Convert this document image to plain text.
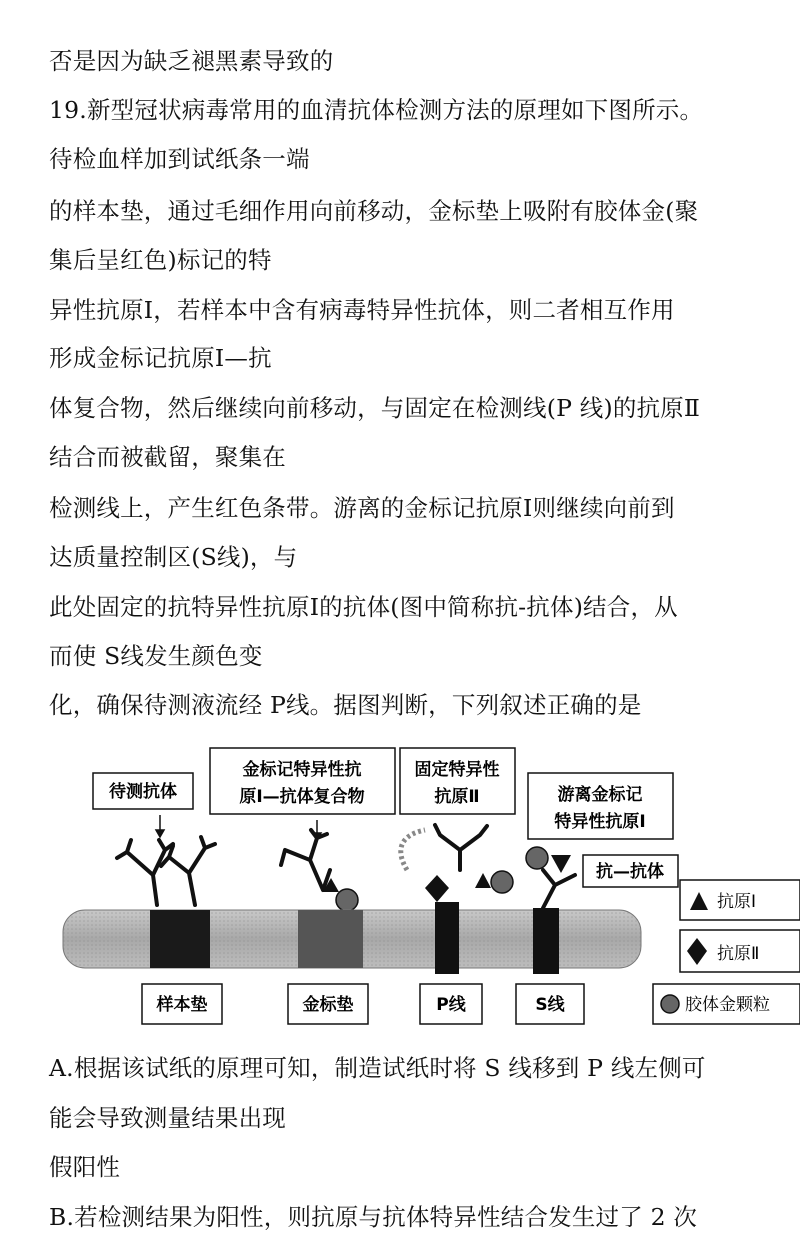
否是因为缺乏褪黑素导致的
19.新型冠状病毒常用的血清抗体检测方法的原理如下图所示。
待检血样加到试纸条一端
的样本垫，通过毛细作用向前移动，金标垫上吸附有胶体金(聚
集后呈红色)标记的特
异性抗原Ⅰ，若样本中含有病毒特异性抗体，则二者相互作用
形成金标记抗原Ⅰ—抗
体复合物，然后继续向前移动，与固定在检测线(P 线)的抗原Ⅱ
结合而被截留，聚集在
检测线上，产生红色条带。游离的金标记抗原Ⅰ则继续向前到
达质量控制区(S线)，与
此处固定的抗特异性抗原Ⅰ的抗体(图中简称抗-抗体)结合，从
而使 S线发生颜色变
化，确保待测液流经 P线。据图判断，下列叙述正确的是
待测抗体
金标记特异性抗
原Ⅰ—抗体复合物
固定特异性
抗原Ⅱ	游离金标记
特异性抗原Ⅰ
抗—抗体
样本垫	金标垫	P线	S线
抗原Ⅰ
抗原Ⅱ
胶体金颗粒
A.根据该试纸的原理可知，制造试纸时将 S 线移到 P 线左侧可
能会导致测量结果出现
假阳性
B.若检测结果为阳性，则抗原与抗体特异性结合发生过了 2 次
